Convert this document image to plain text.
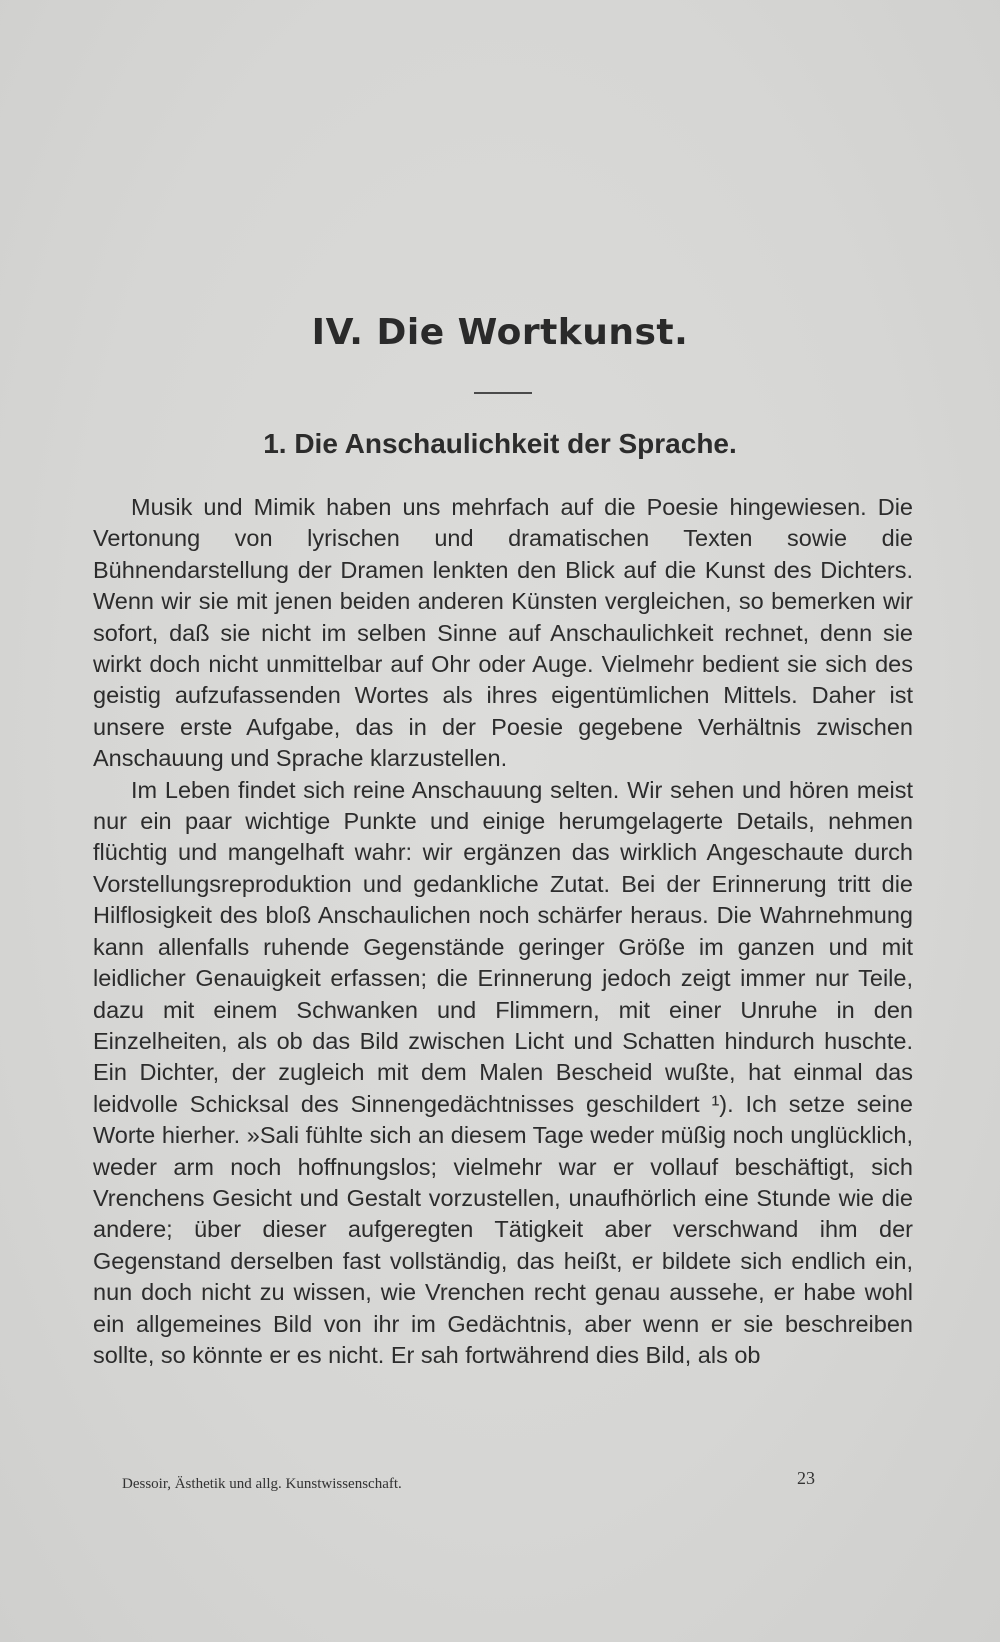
IV. Die Wortkunst.
1. Die Anschaulichkeit der Sprache.

Musik und Mimik haben uns mehrfach auf die Poesie hingewiesen. Die Vertonung von lyrischen und dramatischen Texten sowie die Bühnendarstellung der Dramen lenkten den Blick auf die Kunst des Dichters. Wenn wir sie mit jenen beiden anderen Künsten vergleichen, so bemerken wir sofort, daß sie nicht im selben Sinne auf Anschaulichkeit rechnet, denn sie wirkt doch nicht unmittelbar auf Ohr oder Auge. Vielmehr bedient sie sich des geistig aufzufassenden Wortes als ihres eigentümlichen Mittels. Daher ist unsere erste Aufgabe, das in der Poesie gegebene Verhältnis zwischen Anschauung und Sprache klarzustellen.

Im Leben findet sich reine Anschauung selten. Wir sehen und hören meist nur ein paar wichtige Punkte und einige herumgelagerte Details, nehmen flüchtig und mangelhaft wahr: wir ergänzen das wirklich Angeschaute durch Vorstellungsreproduktion und gedankliche Zutat. Bei der Erinnerung tritt die Hilflosigkeit des bloß Anschaulichen noch schärfer heraus. Die Wahrnehmung kann allenfalls ruhende Gegenstände geringer Größe im ganzen und mit leidlicher Genauigkeit erfassen; die Erinnerung jedoch zeigt immer nur Teile, dazu mit einem Schwanken und Flimmern, mit einer Unruhe in den Einzelheiten, als ob das Bild zwischen Licht und Schatten hindurch huschte. Ein Dichter, der zugleich mit dem Malen Bescheid wußte, hat einmal das leidvolle Schicksal des Sinnengedächtnisses geschildert ¹). Ich setze seine Worte hierher. »Sali fühlte sich an diesem Tage weder müßig noch unglücklich, weder arm noch hoffnungslos; vielmehr war er vollauf beschäftigt, sich Vrenchens Gesicht und Gestalt vorzustellen, unaufhörlich eine Stunde wie die andere; über dieser aufgeregten Tätigkeit aber verschwand ihm der Gegenstand derselben fast vollständig, das heißt, er bildete sich endlich ein, nun doch nicht zu wissen, wie Vrenchen recht genau aussehe, er habe wohl ein allgemeines Bild von ihr im Gedächtnis, aber wenn er sie beschreiben sollte, so könnte er es nicht. Er sah fortwährend dies Bild, als ob

Dessoir, Ästhetik und allg. Kunstwissenschaft.	23
